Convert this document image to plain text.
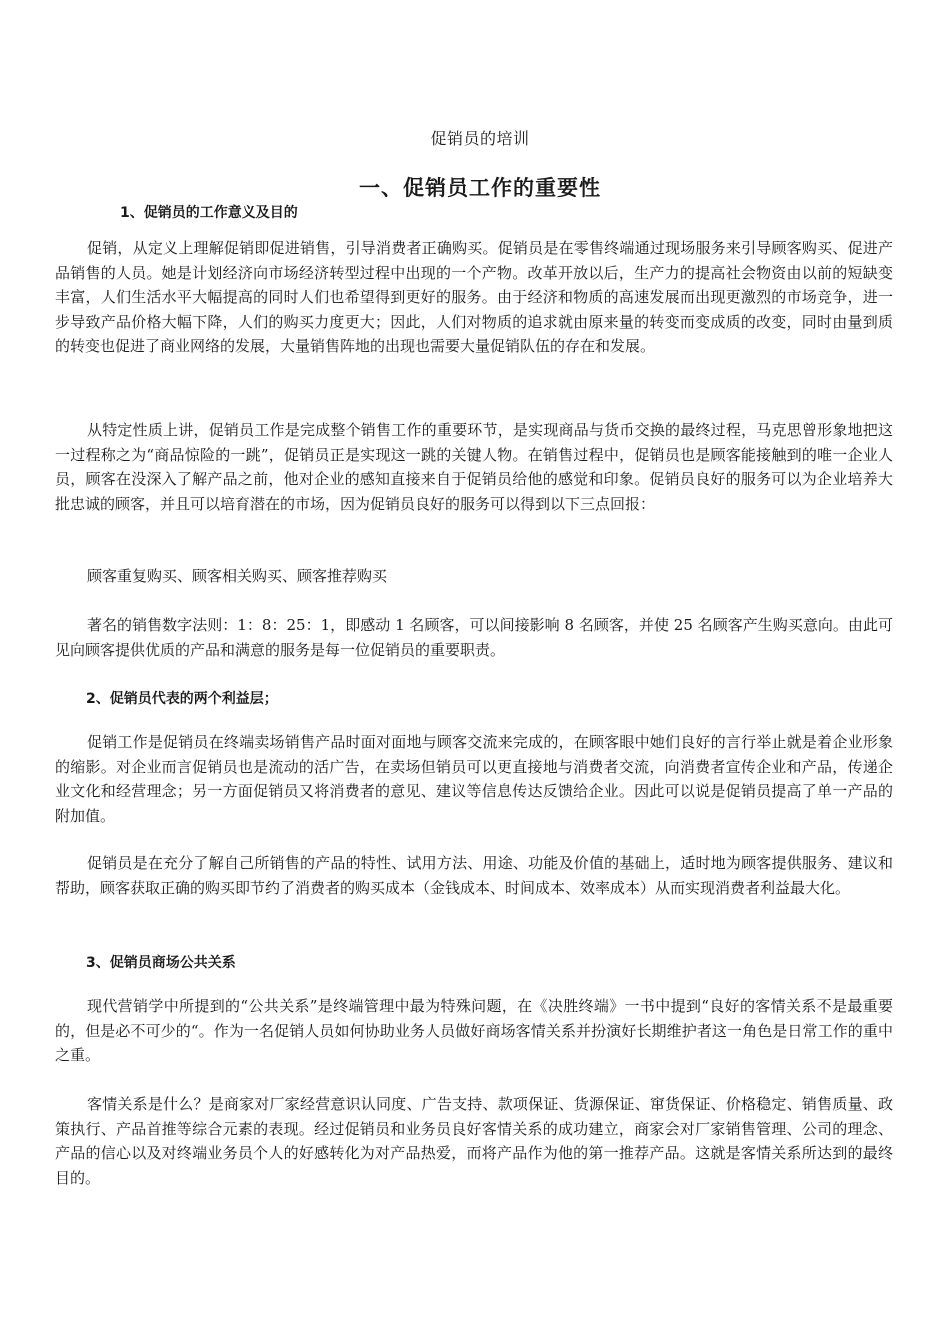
促销员的培训
一、促销员工作的重要性
1、促销员的工作意义及目的

促销，从定义上理解促销即促进销售，引导消费者正确购买。促销员是在零售终端通过现场服务来引导顾客购买、促进产品销售的人员。她是计划经济向市场经济转型过程中出现的一个产物。改革开放以后，生产力的提高社会物资由以前的短缺变丰富，人们生活水平大幅提高的同时人们也希望得到更好的服务。由于经济和物质的高速发展而出现更激烈的市场竞争，进一步导致产品价格大幅下降，人们的购买力度更大；因此，人们对物质的追求就由原来量的转变而变成质的改变，同时由量到质的转变也促进了商业网络的发展，大量销售阵地的出现也需要大量促销队伍的存在和发展。

从特定性质上讲，促销员工作是完成整个销售工作的重要环节，是实现商品与货币交换的最终过程，马克思曾形象地把这一过程称之为“商品惊险的一跳”，促销员正是实现这一跳的关键人物。在销售过程中，促销员也是顾客能接触到的唯一企业人员，顾客在没深入了解产品之前，他对企业的感知直接来自于促销员给他的感觉和印象。促销员良好的服务可以为企业培养大批忠诚的顾客，并且可以培育潜在的市场，因为促销员良好的服务可以得到以下三点回报：

顾客重复购买、顾客相关购买、顾客推荐购买

著名的销售数字法则：1：8：25：1，即感动 1 名顾客，可以间接影响 8 名顾客，并使 25 名顾客产生购买意向。由此可见向顾客提供优质的产品和满意的服务是每一位促销员的重要职责。

2、促销员代表的两个利益层；

促销工作是促销员在终端卖场销售产品时面对面地与顾客交流来完成的，在顾客眼中她们良好的言行举止就是着企业形象的缩影。对企业而言促销员也是流动的活广告，在卖场但销员可以更直接地与消费者交流，向消费者宣传企业和产品，传递企业文化和经营理念；另一方面促销员又将消费者的意见、建议等信息传达反馈给企业。因此可以说是促销员提高了单一产品的附加值。

促销员是在充分了解自己所销售的产品的特性、试用方法、用途、功能及价值的基础上，适时地为顾客提供服务、建议和帮助，顾客获取正确的购买即节约了消费者的购买成本（金钱成本、时间成本、效率成本）从而实现消费者利益最大化。

3、促销员商场公共关系

现代营销学中所提到的“公共关系”是终端管理中最为特殊问题，在《决胜终端》一书中提到“良好的客情关系不是最重要的，但是必不可少的“。作为一名促销人员如何协助业务人员做好商场客情关系并扮演好长期维护者这一角色是日常工作的重中之重。

客情关系是什么？是商家对厂家经营意识认同度、广告支持、款项保证、货源保证、窜货保证、价格稳定、销售质量、政策执行、产品首推等综合元素的表现。经过促销员和业务员良好客情关系的成功建立，商家会对厂家销售管理、公司的理念、产品的信心以及对终端业务员个人的好感转化为对产品热爱，而将产品作为他的第一推荐产品。这就是客情关系所达到的最终目的。
